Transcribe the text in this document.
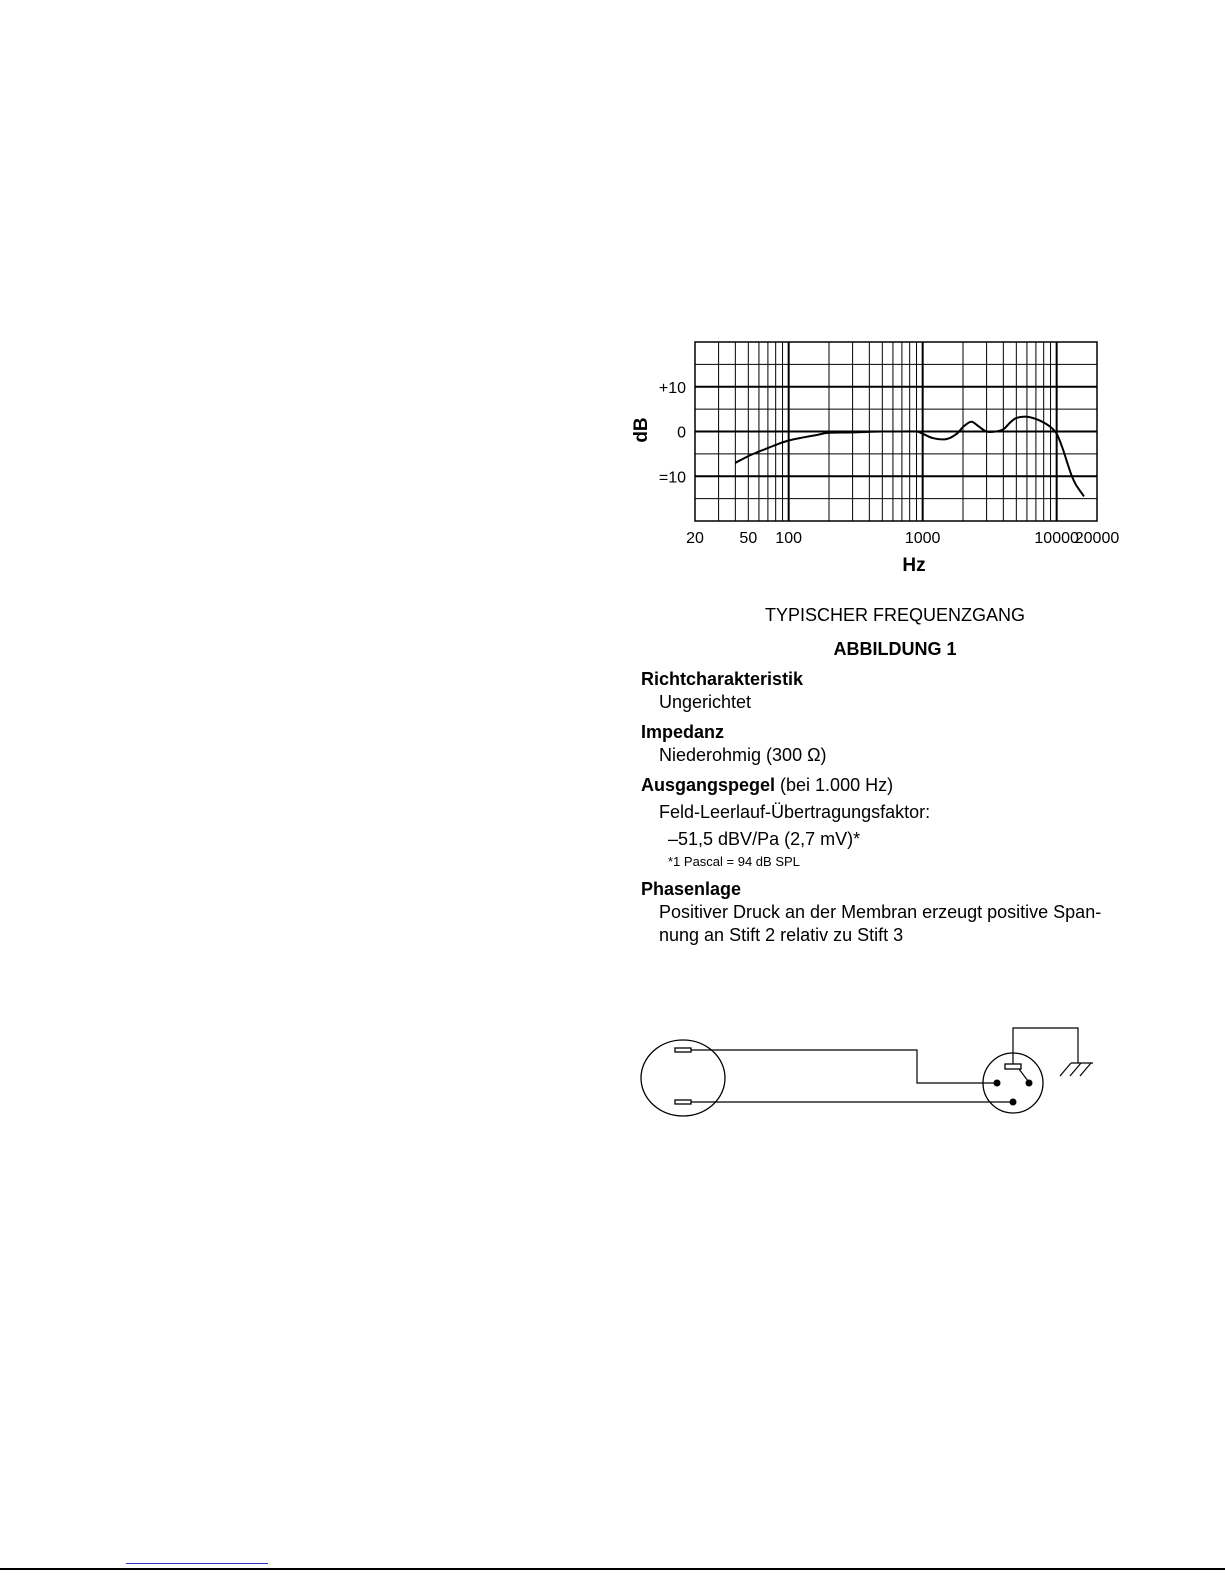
20 50 100	1000	10000
20000
+10
0
=10
dB
Hz
TYPISCHER FREQUENZGANG
ABBILDUNG 1
Richtcharakteristik
Ungerichtet
Impedanz
Niederohmig (300 Ω)
Ausgangspegel (bei 1.000 Hz)
Feld-Leerlauf-Übertragungsfaktor:
–51,5 dBV/Pa (2,7 mV)*
*1 Pascal = 94 dB SPL
Phasenlage
Positiver Druck an der Membran erzeugt positive Span-
nung an Stift 2 relativ zu Stift 3
